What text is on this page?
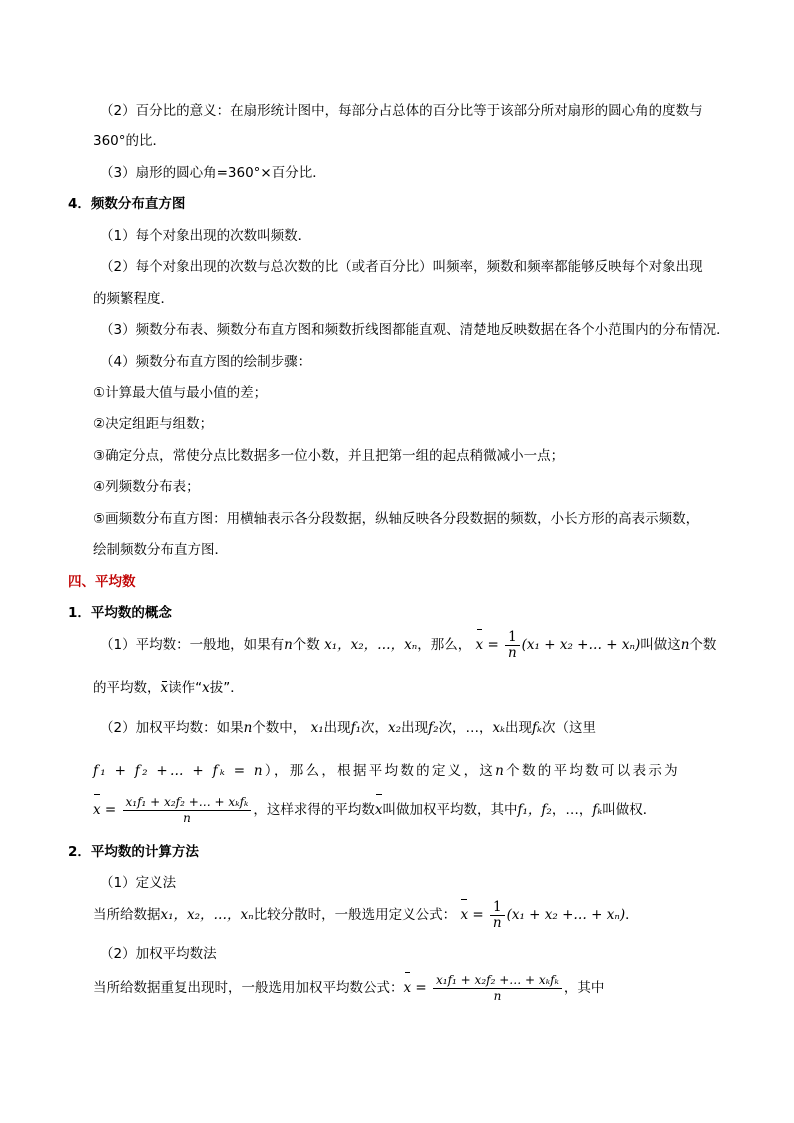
（2）百分比的意义：在扇形统计图中，每部分占总体的百分比等于该部分所对扇形的圆心角的度数与
360°的比．
（3）扇形的圆心角=360°×百分比．
4．频数分布直方图
（1）每个对象出现的次数叫频数．
（2）每个对象出现的次数与总次数的比（或者百分比）叫频率，频数和频率都能够反映每个对象出现
的频繁程度．
（3）频数分布表、频数分布直方图和频数折线图都能直观、清楚地反映数据在各个小范围内的分布情况．
（4）频数分布直方图的绘制步骤：
①计算最大值与最小值的差；
②决定组距与组数；
③确定分点，常使分点比数据多一位小数，并且把第一组的起点稍微减小一点；
④列频数分布表；
⑤画频数分布直方图：用横轴表示各分段数据，纵轴反映各分段数据的频数，小长方形的高表示频数，
绘制频数分布直方图．
四、平均数
1．平均数的概念
（1）平均数：一般地，如果有n个数 x₁，x₂，…，xₙ，那么， $x = \frac{1}{n} (x_1 + x_2$ +… + xₙ)叫做这n个数
的平均数，x读作“x拔”．
（2）加权平均数：如果n个数中， x₁出现f₁次，x₂出现f₂次，…，xₖ出现fₖ次（这里
f₁ + f₂ +… + fₖ = n），那么，根据平均数的定义，这n个数的平均数可以表示为
$x = \frac{\text{x₁f₁ + x₂f₂ +… + xₖfₖ}}{n}$ ，这样求得的平均数x叫做加权平均数，其中f₁，f₂，…，fₖ叫做权．
2．平均数的计算方法
（1）定义法
当所给数据x₁，x₂，…，xₙ比较分散时，一般选用定义公式： $x = \frac{1}{n} (x_1 + x_2$ +… + xₙ)．
（2）加权平均数法
当所给数据重复出现时，一般选用加权平均数公式：$x = \frac{\text{x₁f₁ + x₂f₂ +… + xₖfₖ}}{n}$ ，其中
